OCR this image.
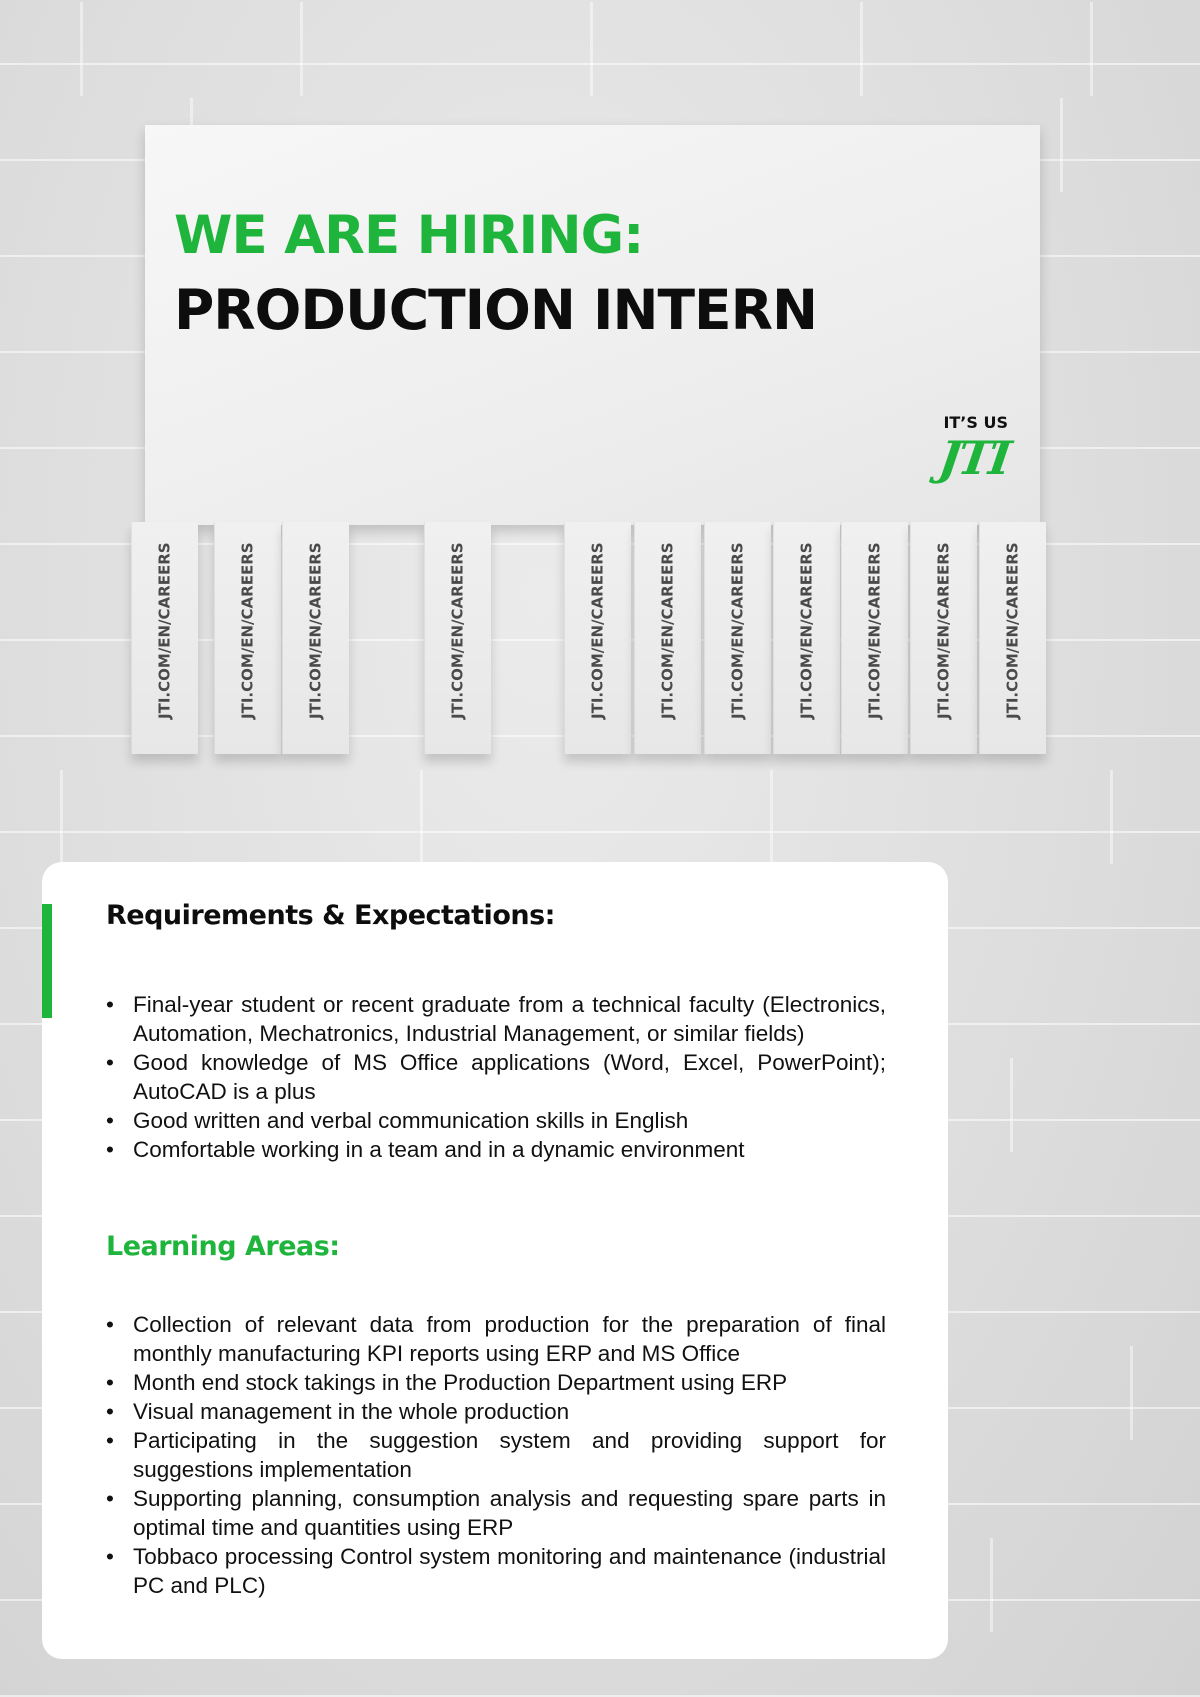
WE ARE HIRING:
PRODUCTION INTERN
IT’S US
JTI
JTI.COM/EN/CAREERS	JTI.COM/EN/CAREERS	JTI.COM/EN/CAREERS	JTI.COM/EN/CAREERS	JTI.COM/EN/CAREERS	JTI.COM/EN/CAREERS	JTI.COM/EN/CAREERS	JTI.COM/EN/CAREERS	JTI.COM/EN/CAREERS	JTI.COM/EN/CAREERS	JTI.COM/EN/CAREERS
Requirements & Expectations:
• Final-year student or recent graduate from a technical faculty (Electronics, Automation, Mechatronics, Industrial Management, or similar fields)
• Good knowledge of MS Office applications (Word, Excel, PowerPoint); AutoCAD is a plus
• Good written and verbal communication skills in English
• Comfortable working in a team and in a dynamic environment
Learning Areas:
• Collection of relevant data from production for the preparation of final monthly manufacturing KPI reports using ERP and MS Office
• Month end stock takings in the Production Department using ERP
• Visual management in the whole production
• Participating in the suggestion system and providing support for suggestions implementation
• Supporting planning, consumption analysis and requesting spare parts in optimal time and quantities using ERP
• Tobbaco processing Control system monitoring and maintenance (industrial PC and PLC)
